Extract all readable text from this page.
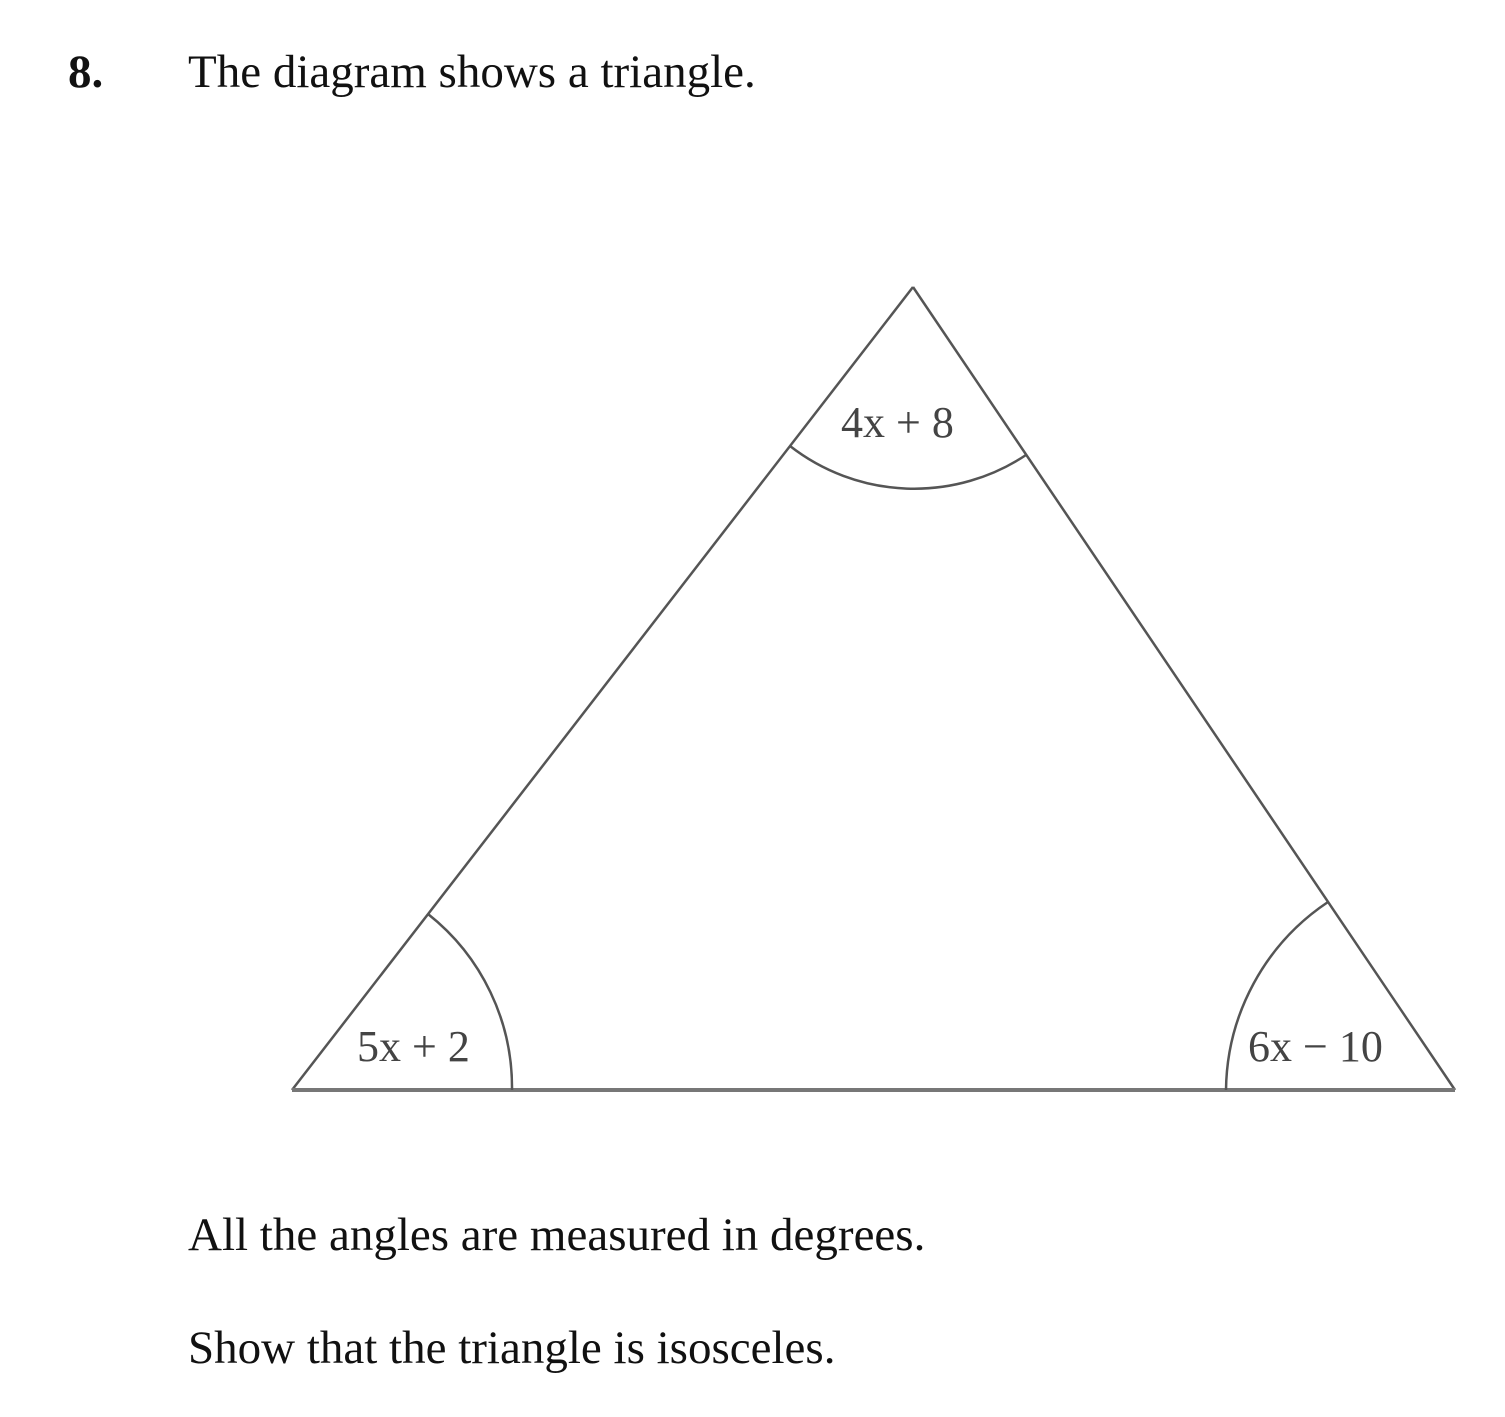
8. The diagram shows a triangle.
4x + 8
5x + 2	6x − 10
All the angles are measured in degrees.
Show that the triangle is isosceles.
